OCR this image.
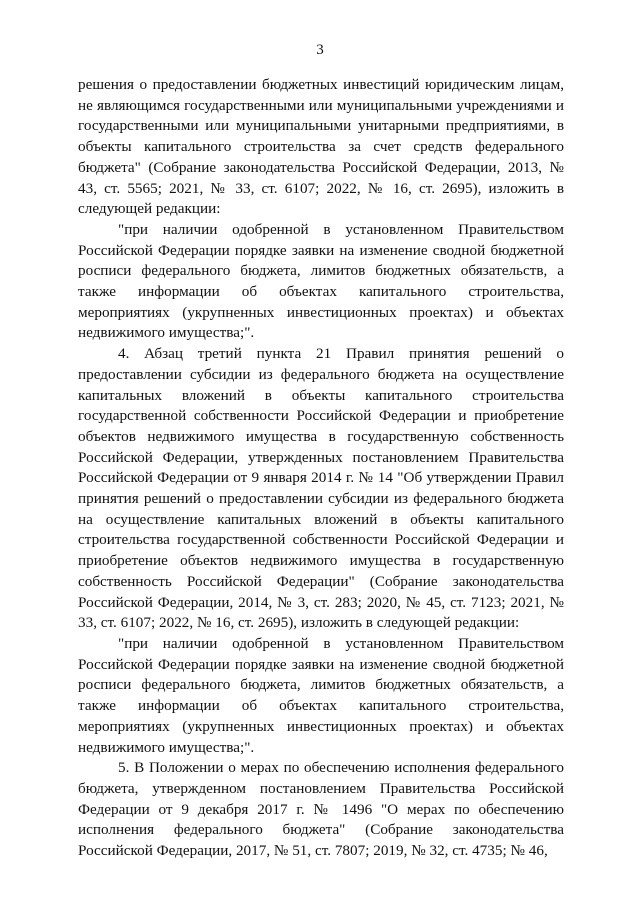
3

решения о предоставлении бюджетных инвестиций юридическим лицам, не являющимся государственными или муниципальными учреждениями и государственными или муниципальными унитарными предприятиями, в объекты капитального строительства за счет средств федерального бюджета" (Собрание законодательства Российской Федерации, 2013, № 43, ст. 5565; 2021, № 33, ст. 6107; 2022, № 16, ст. 2695), изложить в следующей редакции:

"при наличии одобренной в установленном Правительством Российской Федерации порядке заявки на изменение сводной бюджетной росписи федерального бюджета, лимитов бюджетных обязательств, а также информации об объектах капитального строительства, мероприятиях (укрупненных инвестиционных проектах) и объектах недвижимого имущества;".

4. Абзац третий пункта 21 Правил принятия решений о предоставлении субсидии из федерального бюджета на осуществление капитальных вложений в объекты капитального строительства государственной собственности Российской Федерации и приобретение объектов недвижимого имущества в государственную собственность Российской Федерации, утвержденных постановлением Правительства Российской Федерации от 9 января 2014 г. № 14 "Об утверждении Правил принятия решений о предоставлении субсидии из федерального бюджета на осуществление капитальных вложений в объекты капитального строительства государственной собственности Российской Федерации и приобретение объектов недвижимого имущества в государственную собственность Российской Федерации" (Собрание законодательства Российской Федерации, 2014, № 3, ст. 283; 2020, № 45, ст. 7123; 2021, № 33, ст. 6107; 2022, № 16, ст. 2695), изложить в следующей редакции:

"при наличии одобренной в установленном Правительством Российской Федерации порядке заявки на изменение сводной бюджетной росписи федерального бюджета, лимитов бюджетных обязательств, а также информации об объектах капитального строительства, мероприятиях (укрупненных инвестиционных проектах) и объектах недвижимого имущества;".

5. В Положении о мерах по обеспечению исполнения федерального бюджета, утвержденном постановлением Правительства Российской Федерации от 9 декабря 2017 г. № 1496 "О мерах по обеспечению исполнения федерального бюджета" (Собрание законодательства Российской Федерации, 2017, № 51, ст. 7807; 2019, № 32, ст. 4735; № 46,
